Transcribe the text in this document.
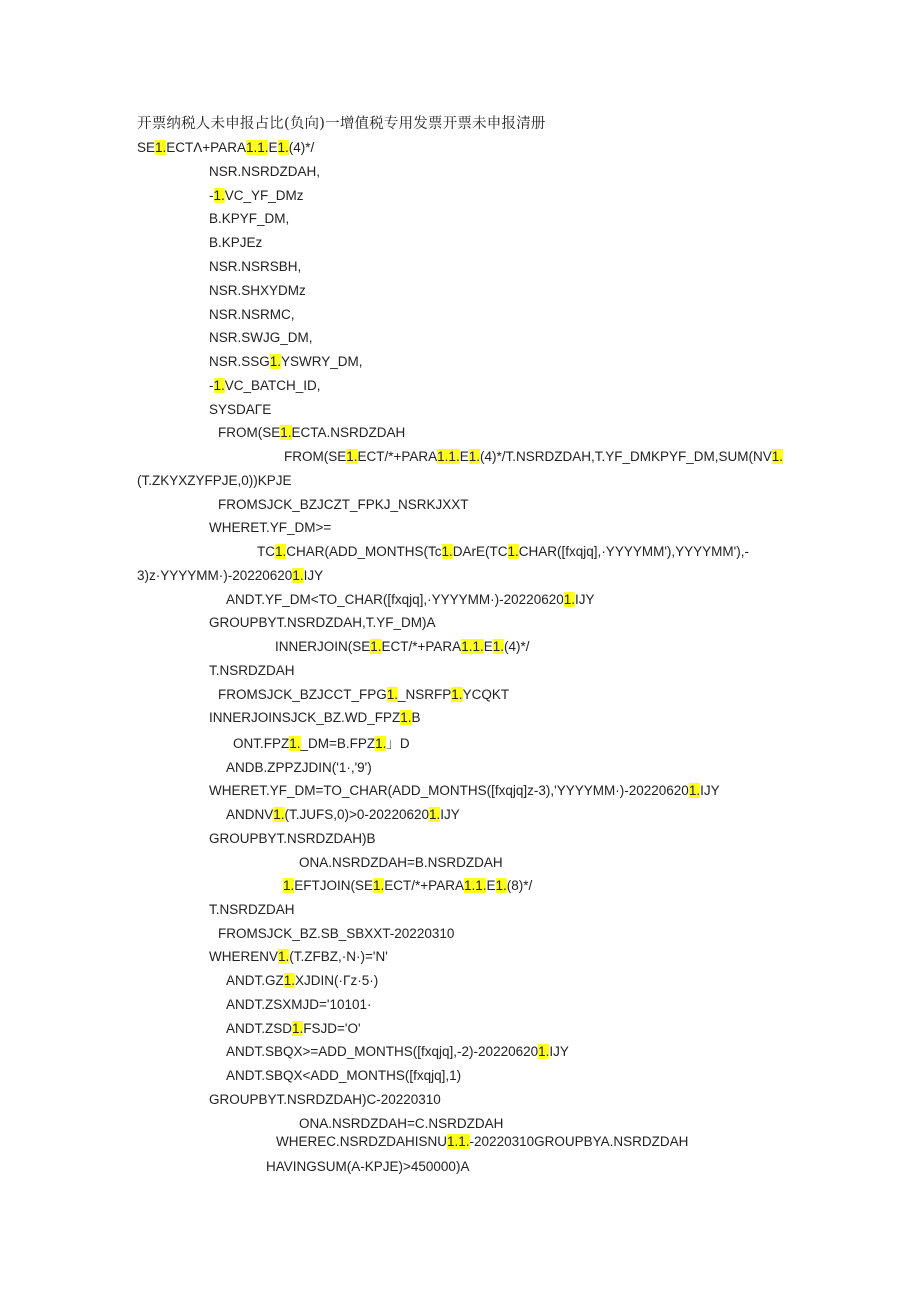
开票纳税人未申报占比(负向)一增值税专用发票开票未申报清册
SE1.ECTΛ+PARA1.1.E1.(4)*/
NSR.NSRDZDAH,
-1.VC_YF_DMz
B.KPYF_DM,
B.KPJEz
NSR.NSRSBH,
NSR.SHXYDMz
NSR.NSRMC,
NSR.SWJG_DM,
NSR.SSG1.YSWRY_DM,
-1.VC_BATCH_ID,
SYSDAΓE
FROM(SE1.ECTA.NSRDZDAH
FROM(SE1.ECT/*+PARA1.1.E1.(4)*/T.NSRDZDAH,T.YF_DMKPYF_DM,SUM(NV1.
(T.ZKYXZYFPJE,0))KPJE
FROMSJCK_BZJCZT_FPKJ_NSRKJXXT
WHERET.YF_DM>=
TC1.CHAR(ADD_MONTHS(Tc1.DArE(TC1.CHAR([fxqjq],·YYYYMM'),YYYYMM'),-
3)z·YYYYMM·)-202206201.IJY
ANDT.YF_DM<TO_CHAR([fxqjq],·YYYYMM·)-202206201.IJY
GROUPBYT.NSRDZDAH,T.YF_DM)A
INNERJOIN(SE1.ECT/*+PARA1.1.E1.(4)*/
T.NSRDZDAH
FROMSJCK_BZJCCT_FPG1._NSRFP1.YCQKT
INNERJOINSJCK_BZ.WD_FPZ1.B
ONT.FPZ1._DM=B.FPZ1.」D
ANDB.ZPPZJDIN('1·,'9')
WHERET.YF_DM=TO_CHAR(ADD_MONTHS([fxqjq]z-3),'YYYYMM·)-202206201.IJY
ANDNV1.(T.JUFS,0)>0-202206201.IJY
GROUPBYT.NSRDZDAH)B
ONA.NSRDZDAH=B.NSRDZDAH
1.EFTJOIN(SE1.ECT/*+PARA1.1.E1.(8)*/
T.NSRDZDAH
FROMSJCK_BZ.SB_SBXXT-20220310
WHERENV1.(T.ZFBZ,·N·)='N'
ANDT.GZ1.XJDIN(·Γz·5·)
ANDT.ZSXMJD='10101·
ANDT.ZSD1.FSJD='O'
ANDT.SBQX>=ADD_MONTHS([fxqjq],-2)-202206201.IJY
ANDT.SBQX<ADD_MONTHS([fxqjq],1)
GROUPBYT.NSRDZDAH)C-20220310
ONA.NSRDZDAH=C.NSRDZDAH
WHEREC.NSRDZDAHISNU1.1.-20220310GROUPBYA.NSRDZDAH
HAVINGSUM(A-KPJE)>450000)A
